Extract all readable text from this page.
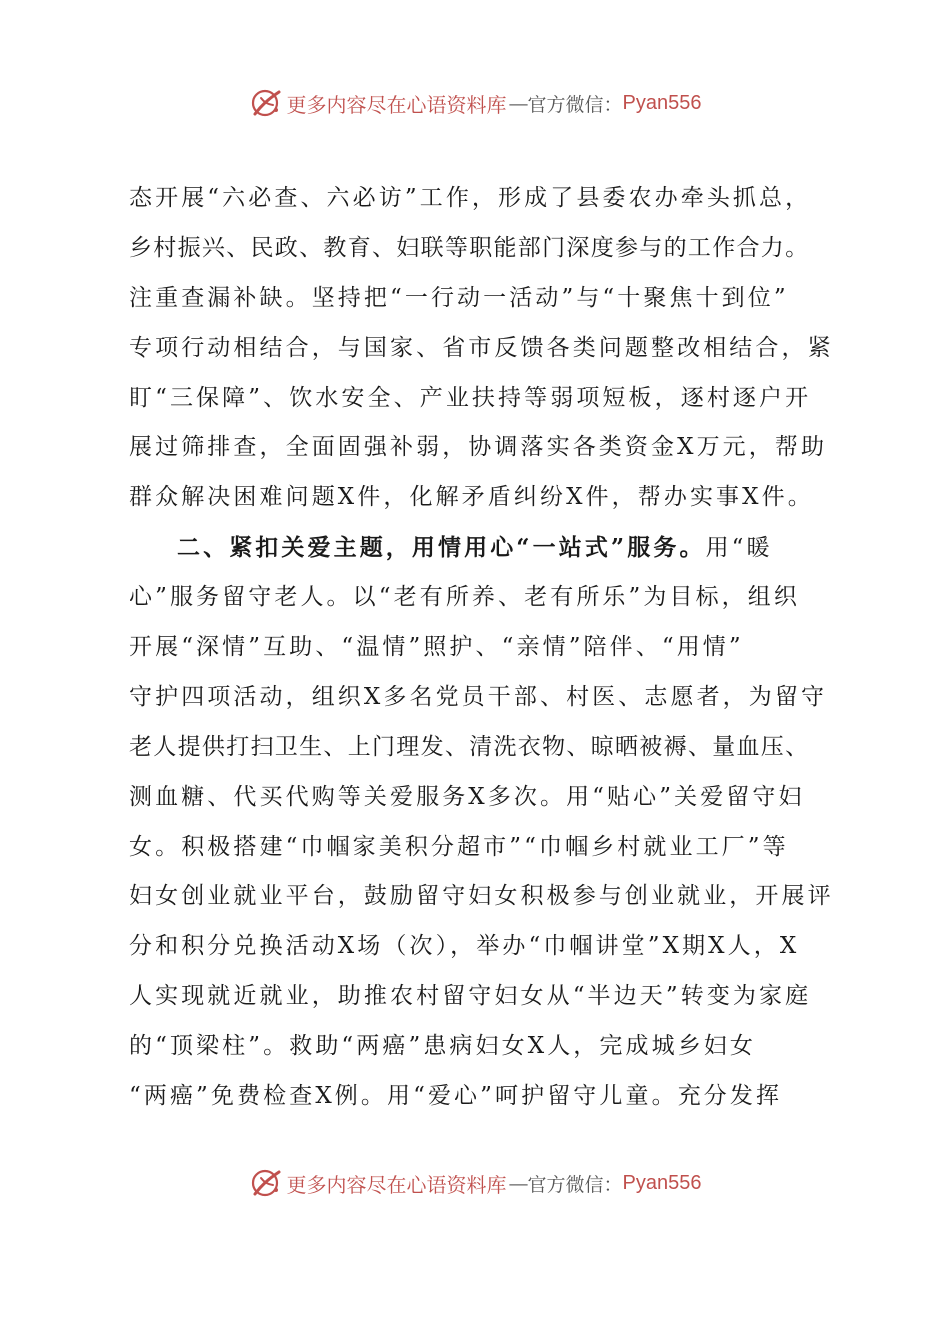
更多内容尽在心语资料库 — 官方微信： Pyan556
态开展“六必查、六必访”工作，形成了县委农办牵头抓总，
乡村振兴、民政、教育、妇联等职能部门深度参与的工作合力。
注重查漏补缺。坚持把“一行动一活动”与“十聚焦十到位”
专项行动相结合，与国家、省市反馈各类问题整改相结合，紧
盯“三保障”、饮水安全、产业扶持等弱项短板，逐村逐户开
展过筛排查，全面固强补弱，协调落实各类资金X万元，帮助
群众解决困难问题X件，化解矛盾纠纷X件，帮办实事X件。
二、紧扣关爱主题，用情用心“一站式”服务。用“暖
心”服务留守老人。以“老有所养、老有所乐”为目标，组织
开展“深情”互助、“温情”照护、“亲情”陪伴、“用情”
守护四项活动，组织X多名党员干部、村医、志愿者，为留守
老人提供打扫卫生、上门理发、清洗衣物、晾晒被褥、量血压、
测血糖、代买代购等关爱服务X多次。用“贴心”关爱留守妇
女。积极搭建“巾帼家美积分超市”“巾帼乡村就业工厂”等
妇女创业就业平台，鼓励留守妇女积极参与创业就业，开展评
分和积分兑换活动X场（次），举办“巾帼讲堂”X期X人，X
人实现就近就业，助推农村留守妇女从“半边天”转变为家庭
的“顶梁柱”。救助“两癌”患病妇女X人，完成城乡妇女
“两癌”免费检查X例。用“爱心”呵护留守儿童。充分发挥
更多内容尽在心语资料库 — 官方微信： Pyan556
